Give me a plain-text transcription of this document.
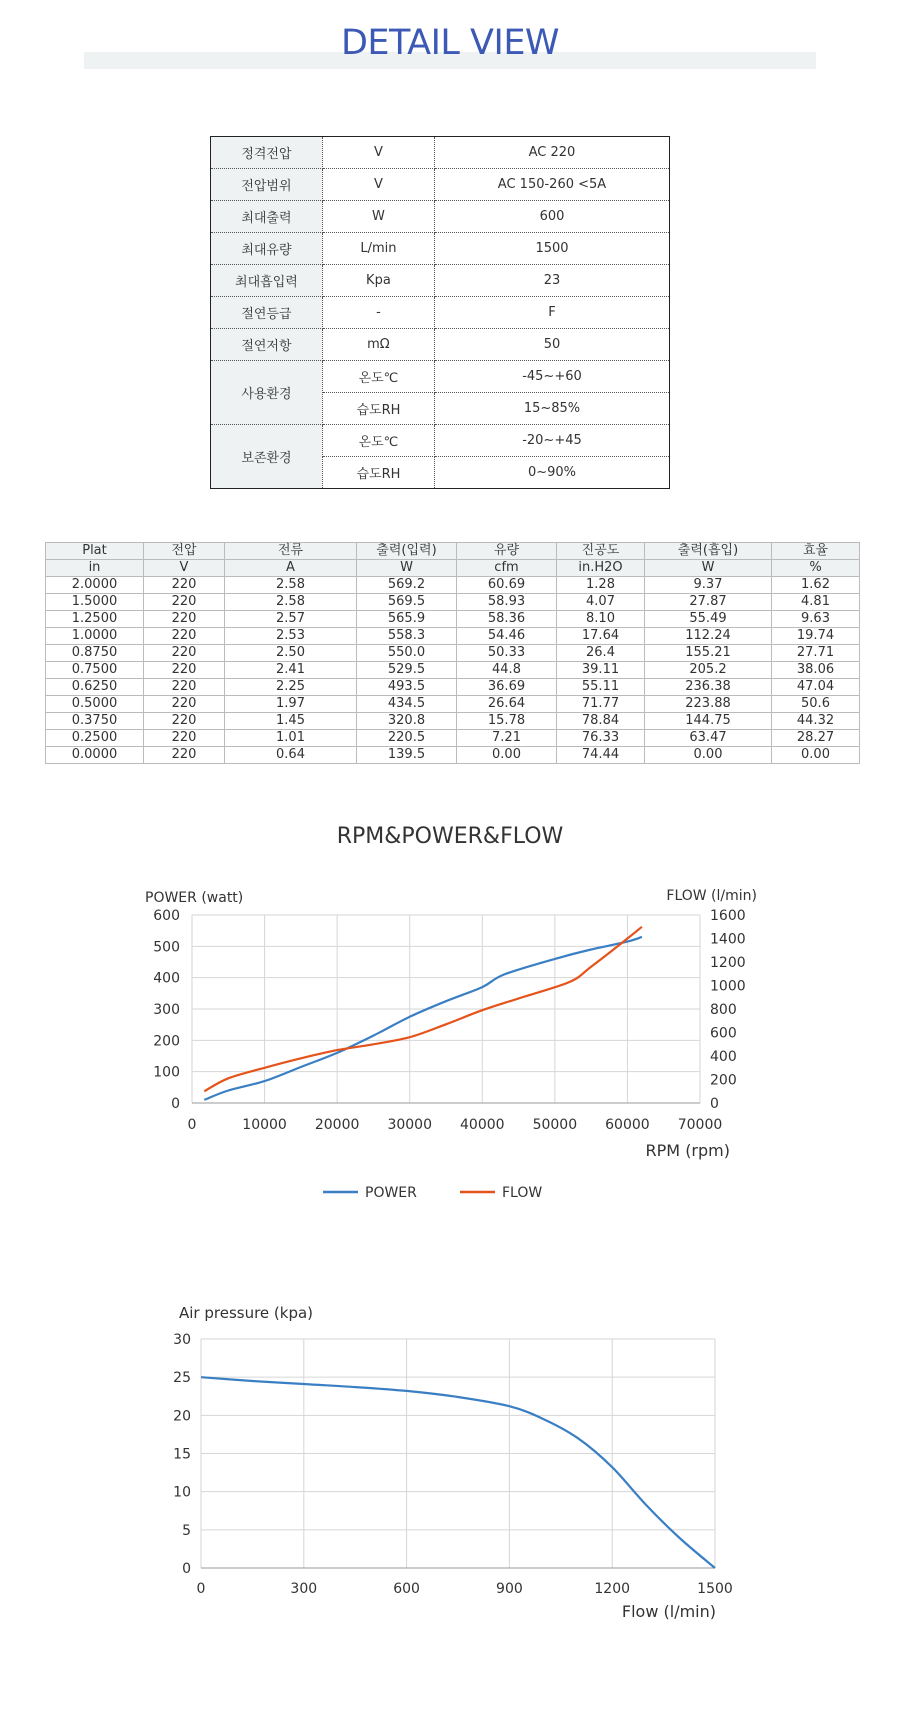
DETAIL VIEW
정격전압	V	AC 220
전압범위	V	AC 150-260 <5A
최대출력	W	600
최대유량	L/min	1500
최대흡입력	Kpa	23
절연등급	-	F
절연저항	mΩ	50
사용환경	온도℃	-45~+60
	습도RH	15~85%
보존환경	온도℃	-20~+45
	습도RH	0~90%
Plat	전압	전류	출력(입력)	유량	진공도	출력(흡입)	효율
in	V	A	W	cfm	in.H2O	W	%
2.0000	220	2.58	569.2	60.69	1.28	9.37	1.62
1.5000	220	2.58	569.5	58.93	4.07	27.87	4.81
1.2500	220	2.57	565.9	58.36	8.10	55.49	9.63
1.0000	220	2.53	558.3	54.46	17.64	112.24	19.74
0.8750	220	2.50	550.0	50.33	26.4	155.21	27.71
0.7500	220	2.41	529.5	44.8	39.11	205.2	38.06
0.6250	220	2.25	493.5	36.69	55.11	236.38	47.04
0.5000	220	1.97	434.5	26.64	71.77	223.88	50.6
0.3750	220	1.45	320.8	15.78	78.84	144.75	44.32
0.2500	220	1.01	220.5	7.21	76.33	63.47	28.27
0.0000	220	0.64	139.5	0.00	74.44	0.00	0.00
RPM&POWER&FLOW
POWER (watt)	FLOW (l/min)
RPM (rpm)
0	10000 20000 30000 40000 50000 60000 70000
0
100
200
300
400
500
600
0
200
400
600
800
1000
1200
1400
1600
POWER	FLOW
Air pressure (kpa)
Flow (l/min)
0	300	600	900	1200	1500
0
5
10
15
20
25
30
